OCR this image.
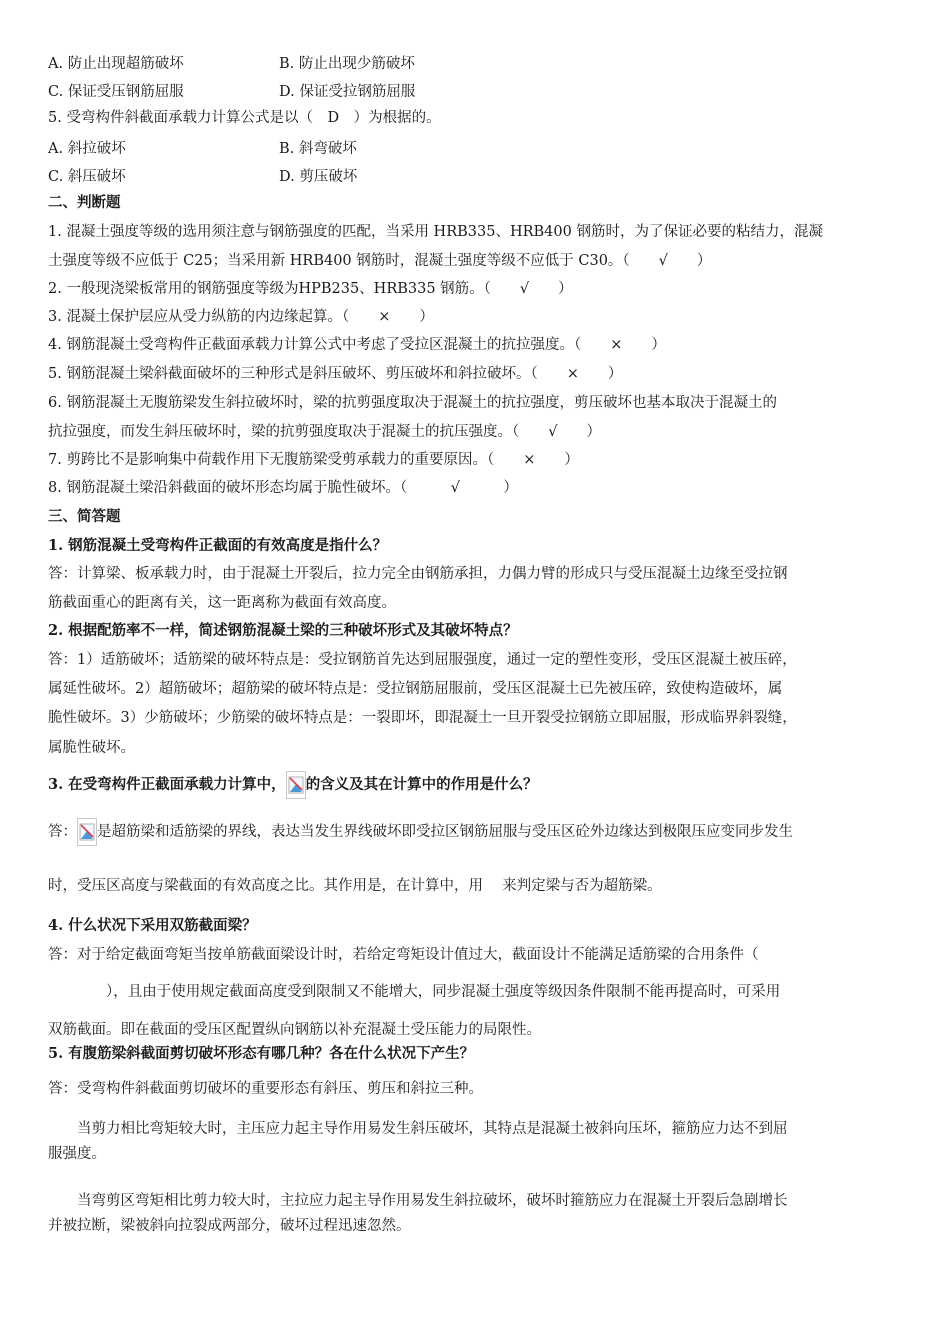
A. 防止出现超筋破坏	B. 防止出现少筋破坏
C. 保证受压钢筋屈服	D. 保证受拉钢筋屈服
5. 受弯构件斜截面承载力计算公式是以（　D　）为根据的。
A. 斜拉破坏	B. 斜弯破坏
C. 斜压破坏	D. 剪压破坏
二、判断题
1. 混凝土强度等级的选用须注意与钢筋强度的匹配，当采用 HRB335、HRB400 钢筋时，为了保证必要的粘结力，混凝
土强度等级不应低于 C25；当采用新 HRB400 钢筋时，混凝土强度等级不应低于 C30。（　　√　　）
2. 一般现浇梁板常用的钢筋强度等级为HPB235、HRB335 钢筋。（　　√　　）
3. 混凝土保护层应从受力纵筋的内边缘起算。（　　×　　）
4. 钢筋混凝土受弯构件正截面承载力计算公式中考虑了受拉区混凝土的抗拉强度。（　　×　　）
5. 钢筋混凝土梁斜截面破坏的三种形式是斜压破坏、剪压破坏和斜拉破坏。（　　×　　）
6. 钢筋混凝土无腹筋梁发生斜拉破坏时，梁的抗剪强度取决于混凝土的抗拉强度，剪压破坏也基本取决于混凝土的
抗拉强度，而发生斜压破坏时，梁的抗剪强度取决于混凝土的抗压强度。（　　√　　）
7. 剪跨比不是影响集中荷载作用下无腹筋梁受剪承载力的重要原因。（　　×　　）
8. 钢筋混凝土梁沿斜截面的破坏形态均属于脆性破坏。（　　　√　　　）
三、简答题
1. 钢筋混凝土受弯构件正截面的有效高度是指什么？
答：计算梁、板承载力时，由于混凝土开裂后，拉力完全由钢筋承担，力偶力臂的形成只与受压混凝土边缘至受拉钢
筋截面重心的距离有关，这一距离称为截面有效高度。
2. 根据配筋率不一样，简述钢筋混凝土梁的三种破坏形式及其破坏特点？
答：1）适筋破坏；适筋梁的破坏特点是：受拉钢筋首先达到屈服强度，通过一定的塑性变形，受压区混凝土被压碎，
属延性破坏。2）超筋破坏；超筋梁的破坏特点是：受拉钢筋屈服前，受压区混凝土已先被压碎，致使构造破坏，属
脆性破坏。3）少筋破坏；少筋梁的破坏特点是：一裂即坏，即混凝土一旦开裂受拉钢筋立即屈服，形成临界斜裂缝，
属脆性破坏。
3. 在受弯构件正截面承载力计算中， 的含义及其在计算中的作用是什么？
答： 是超筋梁和适筋梁的界线，表达当发生界线破坏即受拉区钢筋屈服与受压区砼外边缘达到极限压应变同步发生
时，受压区高度与梁截面的有效高度之比。其作用是，在计算中，用　 来判定梁与否为超筋梁。
4. 什么状况下采用双筋截面梁？
答：对于给定截面弯矩当按单筋截面梁设计时，若给定弯矩设计值过大，截面设计不能满足适筋梁的合用条件（
　　　　），且由于使用规定截面高度受到限制又不能增大，同步混凝土强度等级因条件限制不能再提高时，可采用
双筋截面。即在截面的受压区配置纵向钢筋以补充混凝土受压能力的局限性。
5. 有腹筋梁斜截面剪切破坏形态有哪几种？各在什么状况下产生？
答：受弯构件斜截面剪切破坏的重要形态有斜压、剪压和斜拉三种。
　　当剪力相比弯矩较大时，主压应力起主导作用易发生斜压破坏，其特点是混凝土被斜向压坏，箍筋应力达不到屈
服强度。
　　当弯剪区弯矩相比剪力较大时，主拉应力起主导作用易发生斜拉破坏，破坏时箍筋应力在混凝土开裂后急剧增长
并被拉断，梁被斜向拉裂成两部分，破坏过程迅速忽然。
